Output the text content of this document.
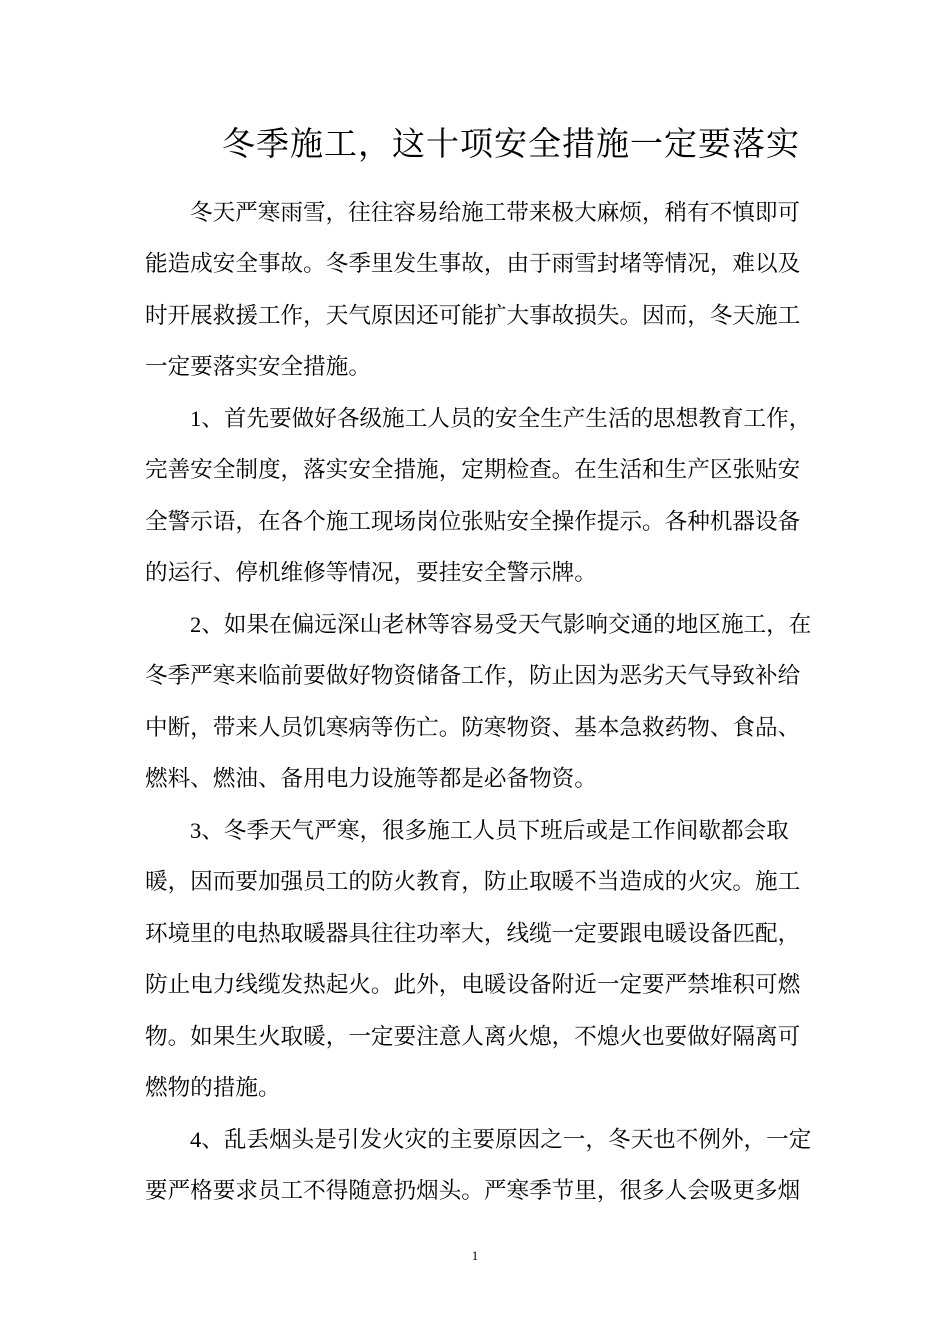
冬季施工，这十项安全措施一定要落实
冬天严寒雨雪，往往容易给施工带来极大麻烦，稍有不慎即可
能造成安全事故。冬季里发生事故，由于雨雪封堵等情况，难以及
时开展救援工作，天气原因还可能扩大事故损失。因而，冬天施工
一定要落实安全措施。
1、首先要做好各级施工人员的安全生产生活的思想教育工作，
完善安全制度，落实安全措施，定期检查。在生活和生产区张贴安
全警示语，在各个施工现场岗位张贴安全操作提示。各种机器设备
的运行、停机维修等情况，要挂安全警示牌。
2、如果在偏远深山老林等容易受天气影响交通的地区施工，在
冬季严寒来临前要做好物资储备工作，防止因为恶劣天气导致补给
中断，带来人员饥寒病等伤亡。防寒物资、基本急救药物、食品、
燃料、燃油、备用电力设施等都是必备物资。
3、冬季天气严寒，很多施工人员下班后或是工作间歇都会取
暖，因而要加强员工的防火教育，防止取暖不当造成的火灾。施工
环境里的电热取暖器具往往功率大，线缆一定要跟电暖设备匹配，
防止电力线缆发热起火。此外，电暖设备附近一定要严禁堆积可燃
物。如果生火取暖，一定要注意人离火熄，不熄火也要做好隔离可
燃物的措施。
4、乱丢烟头是引发火灾的主要原因之一，冬天也不例外，一定
要严格要求员工不得随意扔烟头。严寒季节里，很多人会吸更多烟
1
